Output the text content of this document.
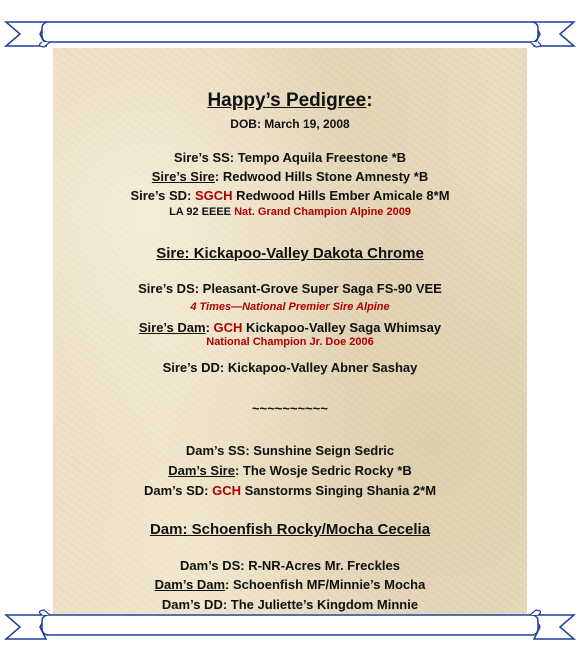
Happy’s Pedigree:
DOB: March 19, 2008
Sire’s SS: Tempo Aquila Freestone *B
Sire’s Sire: Redwood Hills Stone Amnesty *B
Sire’s SD: SGCH Redwood Hills Ember Amicale 8*M
LA 92 EEEE Nat. Grand Champion Alpine 2009
Sire: Kickapoo-Valley Dakota Chrome
Sire’s DS: Pleasant-Grove Super Saga FS-90 VEE
4 Times—National Premier Sire Alpine
Sire’s Dam: GCH Kickapoo-Valley Saga Whimsay
National Champion Jr. Doe 2006
Sire’s DD: Kickapoo-Valley Abner Sashay
~~~~~~~~~~
Dam’s SS: Sunshine Seign Sedric
Dam’s Sire: The Wosje Sedric Rocky *B
Dam’s SD: GCH Sanstorms Singing Shania 2*M
Dam: Schoenfish Rocky/Mocha Cecelia
Dam’s DS: R-NR-Acres Mr. Freckles
Dam’s Dam: Schoenfish MF/Minnie’s Mocha
Dam’s DD: The Juliette’s Kingdom Minnie
